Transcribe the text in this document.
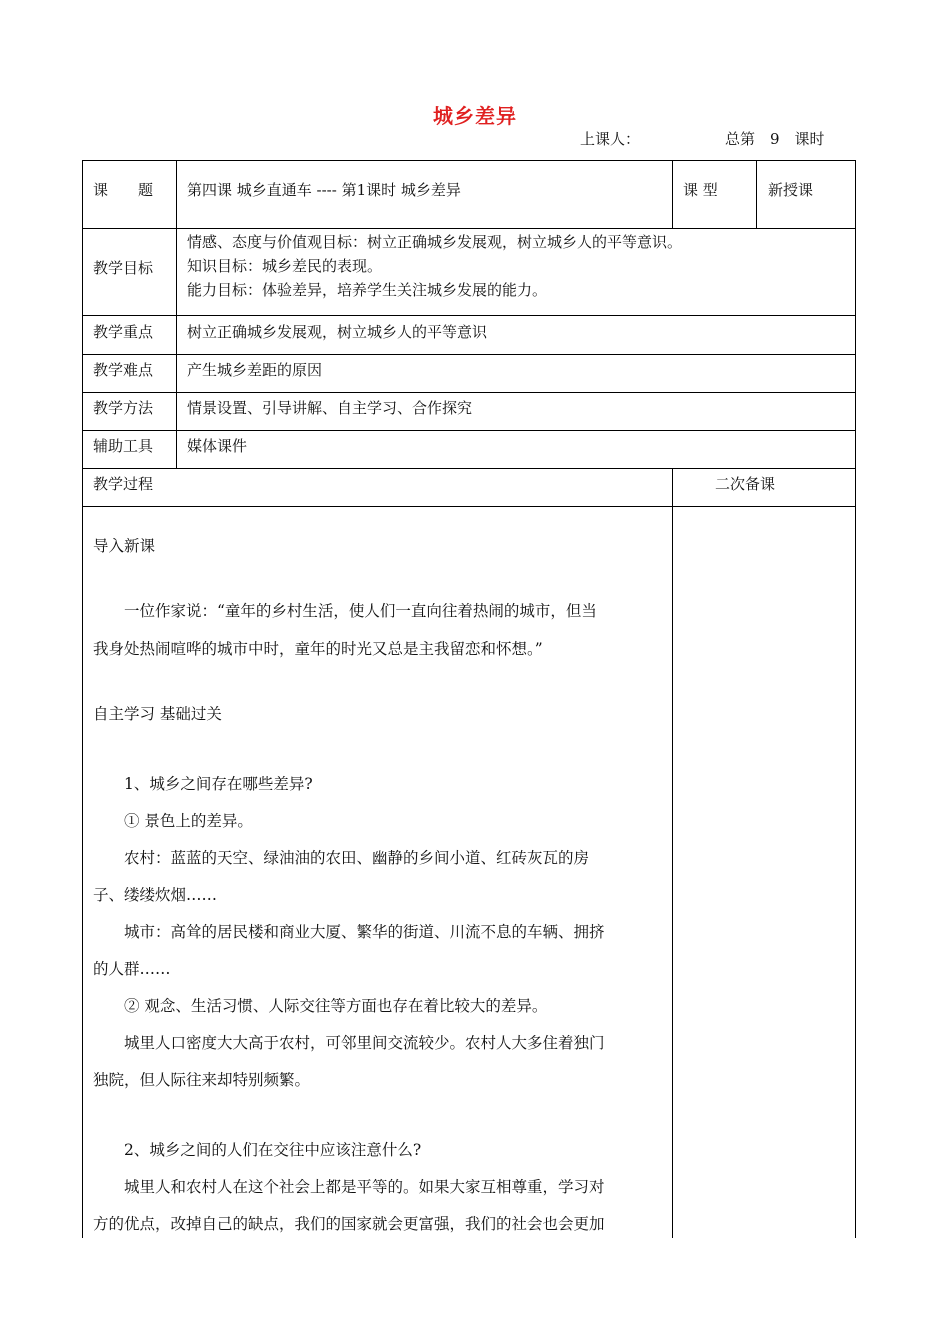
城乡差异
上课人：	总第　9　课时
课　　题 第四课 城乡直通车 ---- 第1课时 城乡差异	课 型	新授课
教学目标

情感、态度与价值观目标：树立正确城乡发展观，树立城乡人的平等意识。

知识目标：城乡差民的表现。

能力目标：体验差异，培养学生关注城乡发展的能力。

教学重点 树立正确城乡发展观，树立城乡人的平等意识
教学难点 产生城乡差距的原因
教学方法 情景设置、引导讲解、自主学习、合作探究
辅助工具 媒体课件
教学过程	二次备课
导入新课

　　一位作家说：“童年的乡村生活，使人们一直向往着热闹的城市，但当

我身处热闹喧哗的城市中时，童年的时光又总是主我留恋和怀想。”

自主学习 基础过关

　　1、城乡之间存在哪些差异?

　　① 景色上的差异。

　　农村：蓝蓝的天空、绿油油的农田、幽静的乡间小道、红砖灰瓦的房

子、缕缕炊烟……

　　城市：高耸的居民楼和商业大厦、繁华的街道、川流不息的车辆、拥挤

的人群……

　　② 观念、生活习惯、人际交往等方面也存在着比较大的差异。

　　城里人口密度大大高于农村，可邻里间交流较少。农村人大多住着独门

独院，但人际往来却特别频繁。

　　2、城乡之间的人们在交往中应该注意什么?

　　城里人和农村人在这个社会上都是平等的。如果大家互相尊重，学习对

方的优点，改掉自己的缺点，我们的国家就会更富强，我们的社会也会更加
